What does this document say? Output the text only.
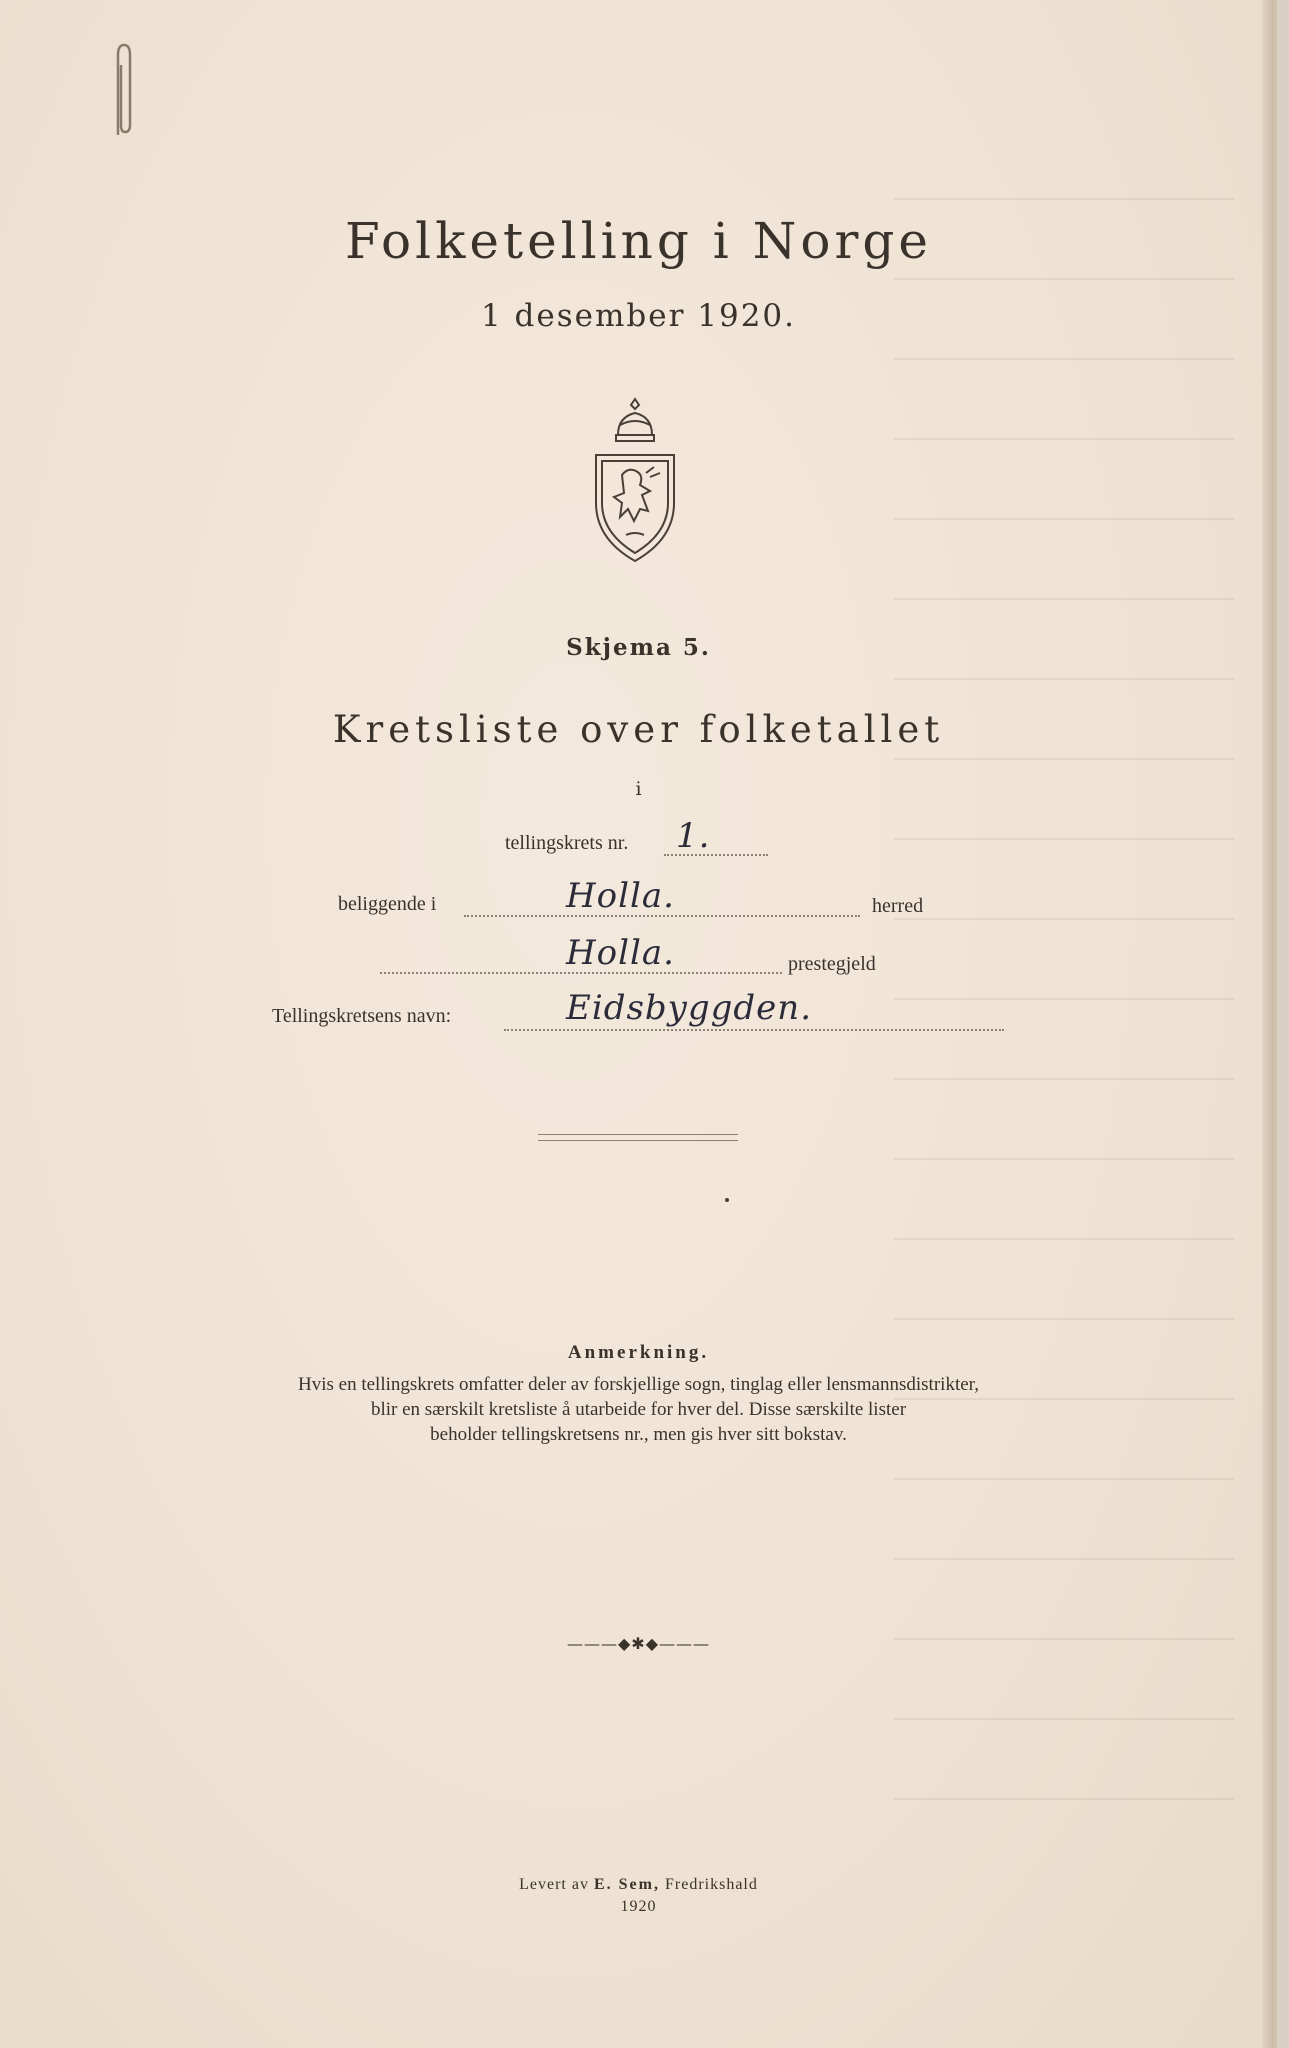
Folketelling i Norge
1 desember 1920.
Skjema 5.
Kretsliste over folketallet
i
tellingskrets nr. 1.
beliggende i	Holla.	herred
Holla.	prestegjeld
Tellingskretsens navn:	Eidsbyggden.
Anmerkning.
Hvis en tellingskrets omfatter deler av forskjellige sogn, tinglag eller lensmannsdistrikter,
blir en særskilt kretsliste å utarbeide for hver del. Disse særskilte lister
beholder tellingskretsens nr., men gis hver sitt bokstav.
———◆✱◆———
Levert av E. Sem, Fredrikshald
1920
